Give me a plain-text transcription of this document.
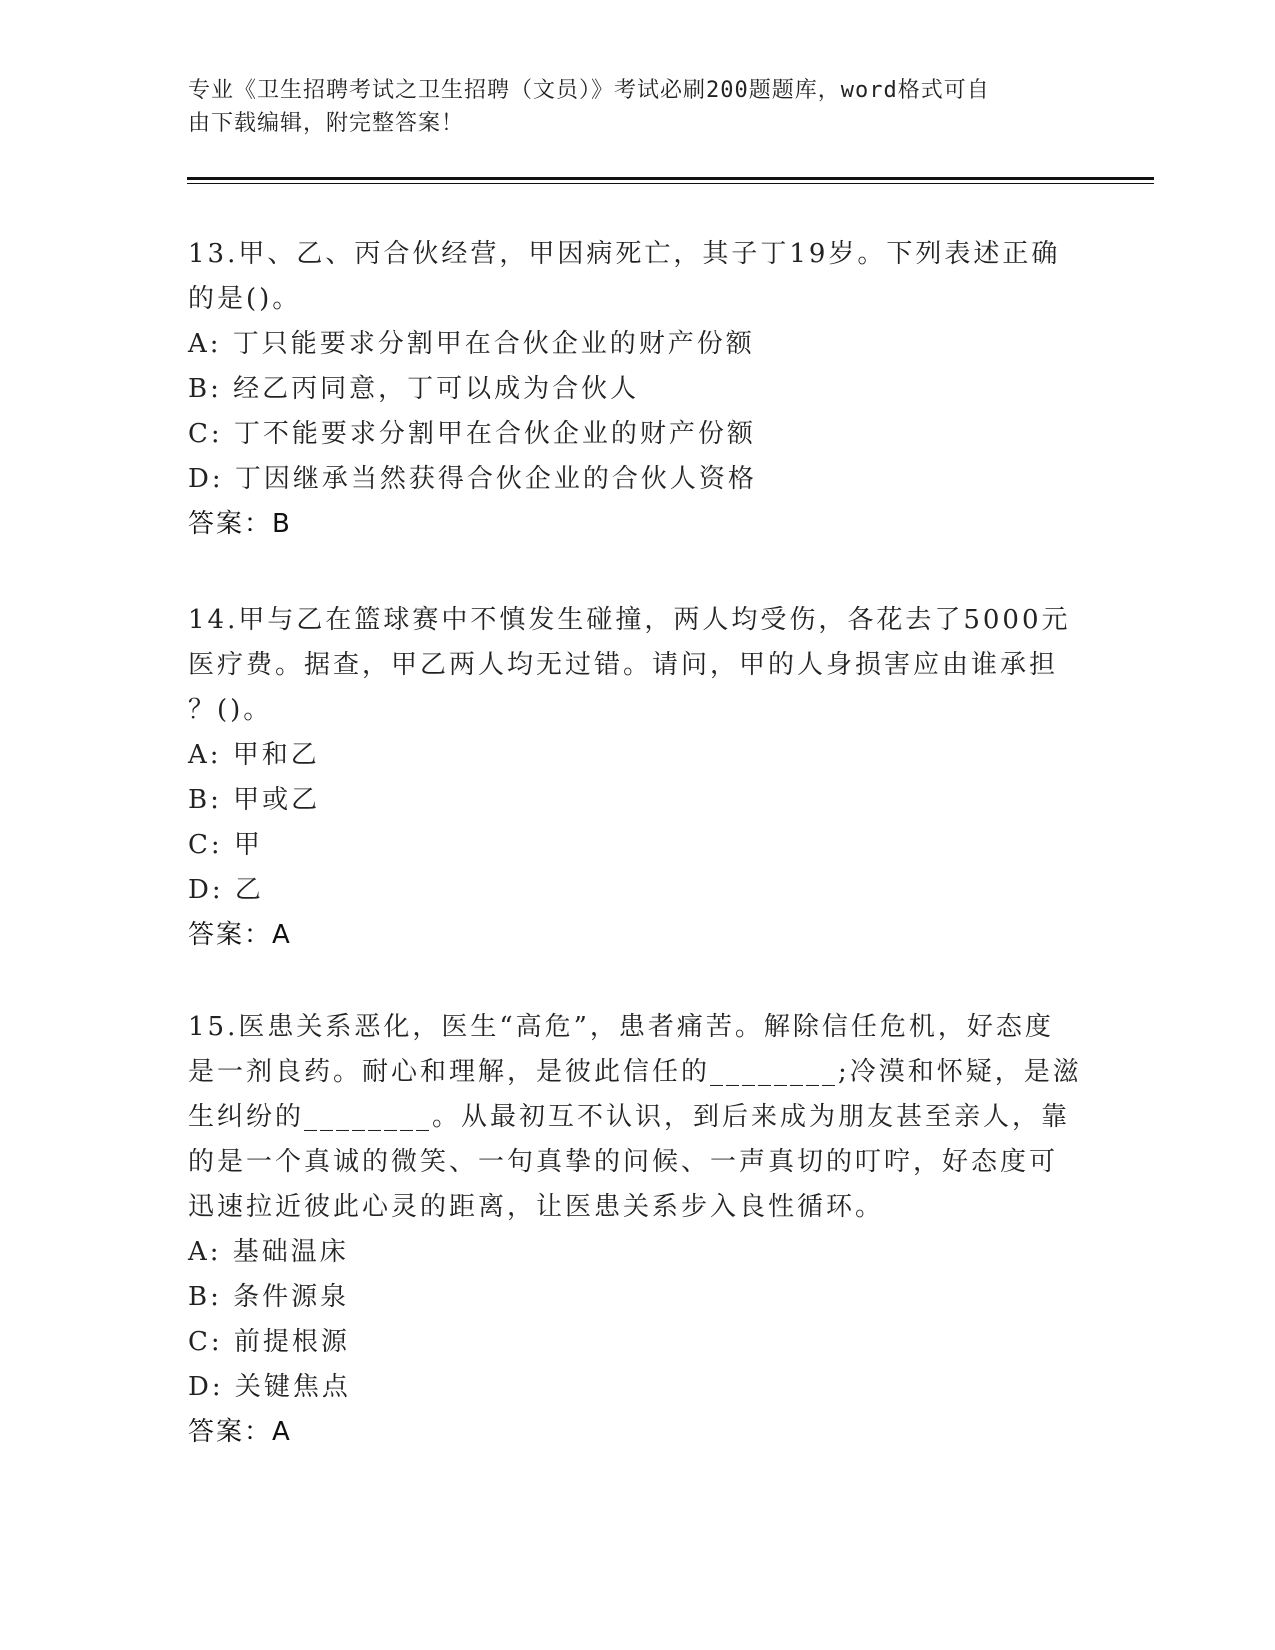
专业《卫生招聘考试之卫生招聘（文员）》考试必刷200题题库，word格式可自
由下载编辑，附完整答案！

13.甲、乙、丙合伙经营，甲因病死亡，其子丁19岁。下列表述正确

的是()。

A: 丁只能要求分割甲在合伙企业的财产份额

B: 经乙丙同意，丁可以成为合伙人

C: 丁不能要求分割甲在合伙企业的财产份额

D: 丁因继承当然获得合伙企业的合伙人资格

答案：B

14.甲与乙在篮球赛中不慎发生碰撞，两人均受伤，各花去了5000元

医疗费。据查，甲乙两人均无过错。请问，甲的人身损害应由谁承担

？()。

A: 甲和乙

B: 甲或乙

C: 甲

D: 乙

答案：A

15.医患关系恶化，医生“高危”，患者痛苦。解除信任危机，好态度

是一剂良药。耐心和理解，是彼此信任的________;冷漠和怀疑，是滋

生纠纷的________。从最初互不认识，到后来成为朋友甚至亲人，靠

的是一个真诚的微笑、一句真挚的问候、一声真切的叮咛，好态度可

迅速拉近彼此心灵的距离，让医患关系步入良性循环。

A: 基础温床

B: 条件源泉

C: 前提根源

D: 关键焦点

答案：A
